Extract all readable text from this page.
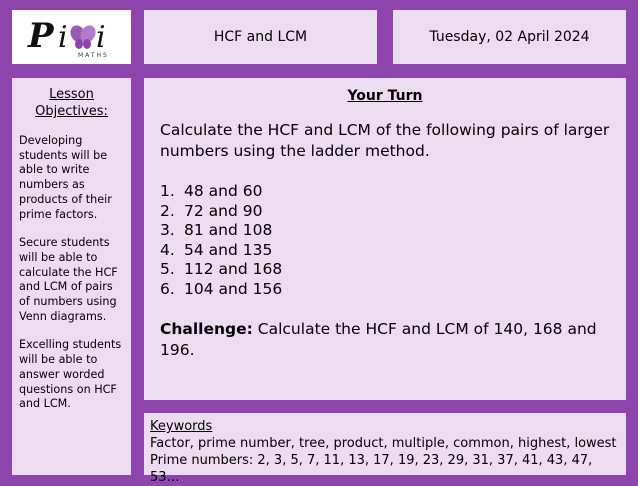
P i i
MATHS
HCF and LCM	Tuesday, 02 April 2024
Lesson Objectives:

Developing students will be able to write numbers as products of their prime factors.

Secure students will be able to calculate the HCF and LCM of pairs of numbers using Venn diagrams.

Excelling students will be able to answer worded questions on HCF and LCM.

Your Turn

Calculate the HCF and LCM of the following pairs of larger numbers using the ladder method.

1. 48 and 60
2. 72 and 90
3. 81 and 108
4. 54 and 135
5. 112 and 168
6. 104 and 156

Challenge: Calculate the HCF and LCM of 140, 168 and 196.

Keywords
Factor, prime number, tree, product, multiple, common, highest, lowest
Prime numbers: 2, 3, 5, 7, 11, 13, 17, 19, 23, 29, 31, 37, 41, 43, 47, 53…
